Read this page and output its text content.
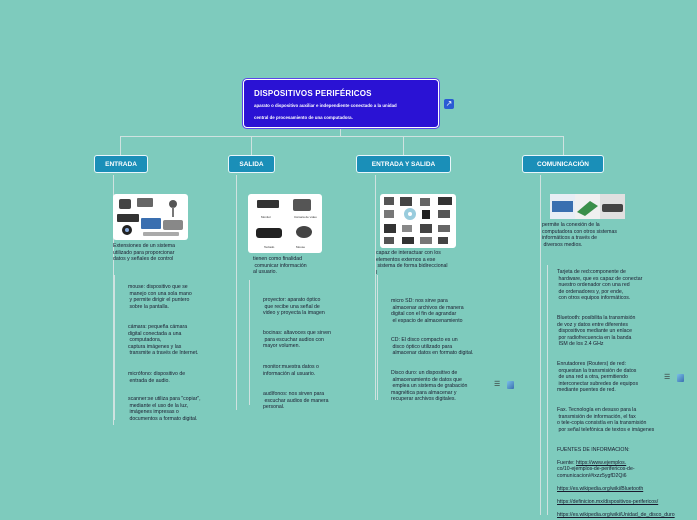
DISPOSITIVOS PERIFÉRICOS
aparato o dispositivo auxiliar e independiente conectado a la unidad
central de procesamiento de una computadora.
↗
ENTRADA	SALIDA	ENTRADA Y SALIDA	COMUNICACIÓN
Extensiones de un sistema
utilizado para proporcionar
datos y señales de control
mouse: dispositivo que se
manejo con una sola mano
y permite dirigir el puntero
sobre la pantalla.
cámara: pequeña cámara
digital conectada a una
computadora,
captura imágenes y las
transmite a través de Internet.
micrófono: dispositivo de
entrada de audio.
scanner:se utiliza para "copiar",
mediante el uso de la luz,
imágenes impresas o
documentos a formato digital.
Monitor	Cámara de video
Teclado	Mouse
tienen como finalidad
comunicar información
al usuario.
proyector: aparato óptico
que recibe una señal de
video y proyecta la imagen
bocinas: altavoces que sirven
para escuchar audios con
mayor volumen.
monitor:muestra datos o
información al usuario.
audífonos: nos sirven para
escuchar audios de manera
personal.
capaz de interactuar con los
elementos externos a ese
sistema de forma bidireccional
l
micro SD: nos sirve para
almacenar archivos de manera
digital con el fin de agrandar
el espacio de almacenamiento
CD: El disco compacto es un
disco óptico utilizado para
almacenar datos en formato digital.
Disco duro: un dispositivo de
almacenamiento de datos que
emplea un sistema de grabación
magnética para almacenar y
recuperar archivos digitales.
☰
permite la conexión de la
computadora con otros sistemas
informáticos a través de
diversos medios.
Tarjeta de red:componente de
hardware, que es capaz de conectar
nuestro ordenador con una red
de ordenadores y, por ende,
con otros equipos informáticos.
Bluetooth: posibilita la transmisión
de voz y datos entre diferentes
dispositivos mediante un enlace
por radiofrecuencia en la banda
ISM de los 2.4 GHz
Enrutadores (Routers) de red:
orquestan la transmisión de datos
de una red a otra, permitiendo
interconectar subredes de equipos
mediante puentes de red.
☰
Fax. Tecnología en desuso para la
transmisión de información, el fax
o tele-copia consistía en la transmisión
por señal telefónica de textos e imágenes
FUENTES DE INFORMACION:
Fuente: https://www.ejemplos.
co/10-ejemplos-de-perifericos-de-
comunicacion/#ixzz5ygfD2Qi6
https://es.wikipedia.org/wiki/Bluetooth
https://definicion.mx/dispositivos-perifericos/
https://es.wikipedia.org/wiki/Unidad_de_disco_duro
